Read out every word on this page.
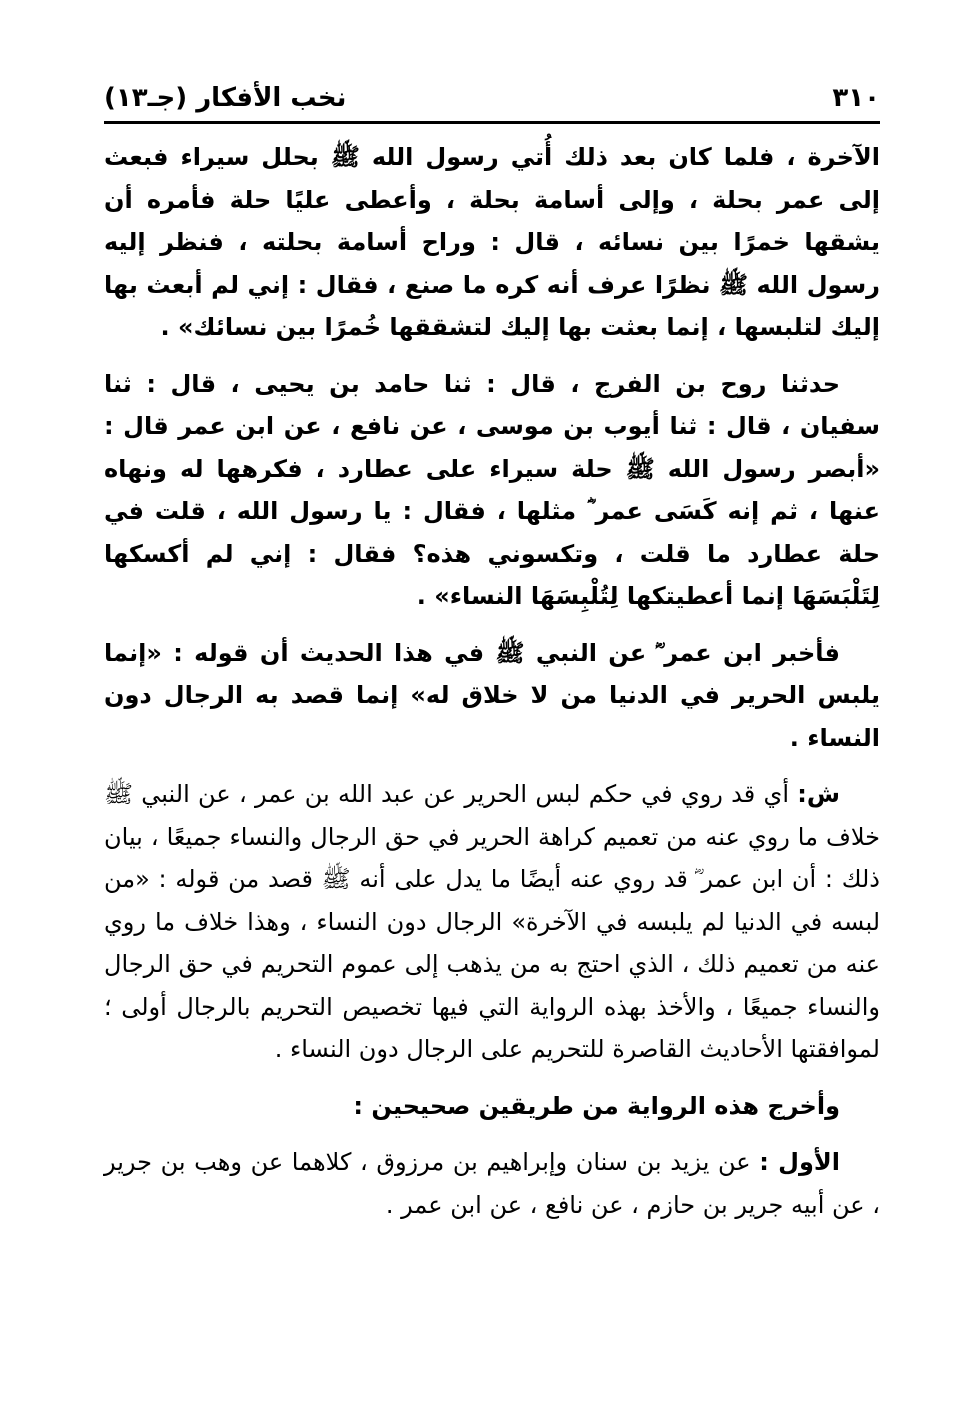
٣١٠
نخب الأفكار (جـ١٣)

الآخرة ، فلما كان بعد ذلك أُتي رسول الله ﷺ بحلل سيراء فبعث إلى عمر بحلة ، وإلى أسامة بحلة ، وأعطى عليًا حلة فأمره أن يشقها خمرًا بين نسائه ، قال : وراح أسامة بحلته ، فنظر إليه رسول الله ﷺ نظرًا عرف أنه كره ما صنع ، فقال : إني لم أبعث بها إليك لتلبسها ، إنما بعثت بها إليك لتشققها خُمرًا بين نسائك» .

حدثنا روح بن الفرج ، قال : ثنا حامد بن يحيى ، قال : ثنا سفيان ، قال : ثنا أيوب بن موسى ، عن نافع ، عن ابن عمر قال : «أبصر رسول الله ﷺ حلة سيراء على عطارد ، فكرهها له ونهاه عنها ، ثم إنه كَسَى عمر ؓ مثلها ، فقال : يا رسول الله ، قلت في حلة عطارد ما قلت ، وتكسوني هذه؟ فقال : إني لم أكسكها لِتَلْبَسَهَا إنما أعطيتكها لِتُلْبِسَهَا النساء» .

فأخبر ابن عمر ؓ عن النبي ﷺ في هذا الحديث أن قوله : «إنما يلبس الحرير في الدنيا من لا خلاق له» إنما قصد به الرجال دون النساء .

ش: أي قد روي في حكم لبس الحرير عن عبد الله بن عمر ، عن النبي ﷺ خلاف ما روي عنه من تعميم كراهة الحرير في حق الرجال والنساء جميعًا ، بيان ذلك : أن ابن عمر ؓ قد روي عنه أيضًا ما يدل على أنه ﷺ قصد من قوله : «من لبسه في الدنيا لم يلبسه في الآخرة» الرجال دون النساء ، وهذا خلاف ما روي عنه من تعميم ذلك ، الذي احتج به من يذهب إلى عموم التحريم في حق الرجال والنساء جميعًا ، والأخذ بهذه الرواية التي فيها تخصيص التحريم بالرجال أولى ؛ لموافقتها الأحاديث القاصرة للتحريم على الرجال دون النساء .

وأخرج هذه الرواية من طريقين صحيحين :

الأول : عن يزيد بن سنان وإبراهيم بن مرزوق ، كلاهما عن وهب بن جرير ، عن أبيه جرير بن حازم ، عن نافع ، عن ابن عمر .
